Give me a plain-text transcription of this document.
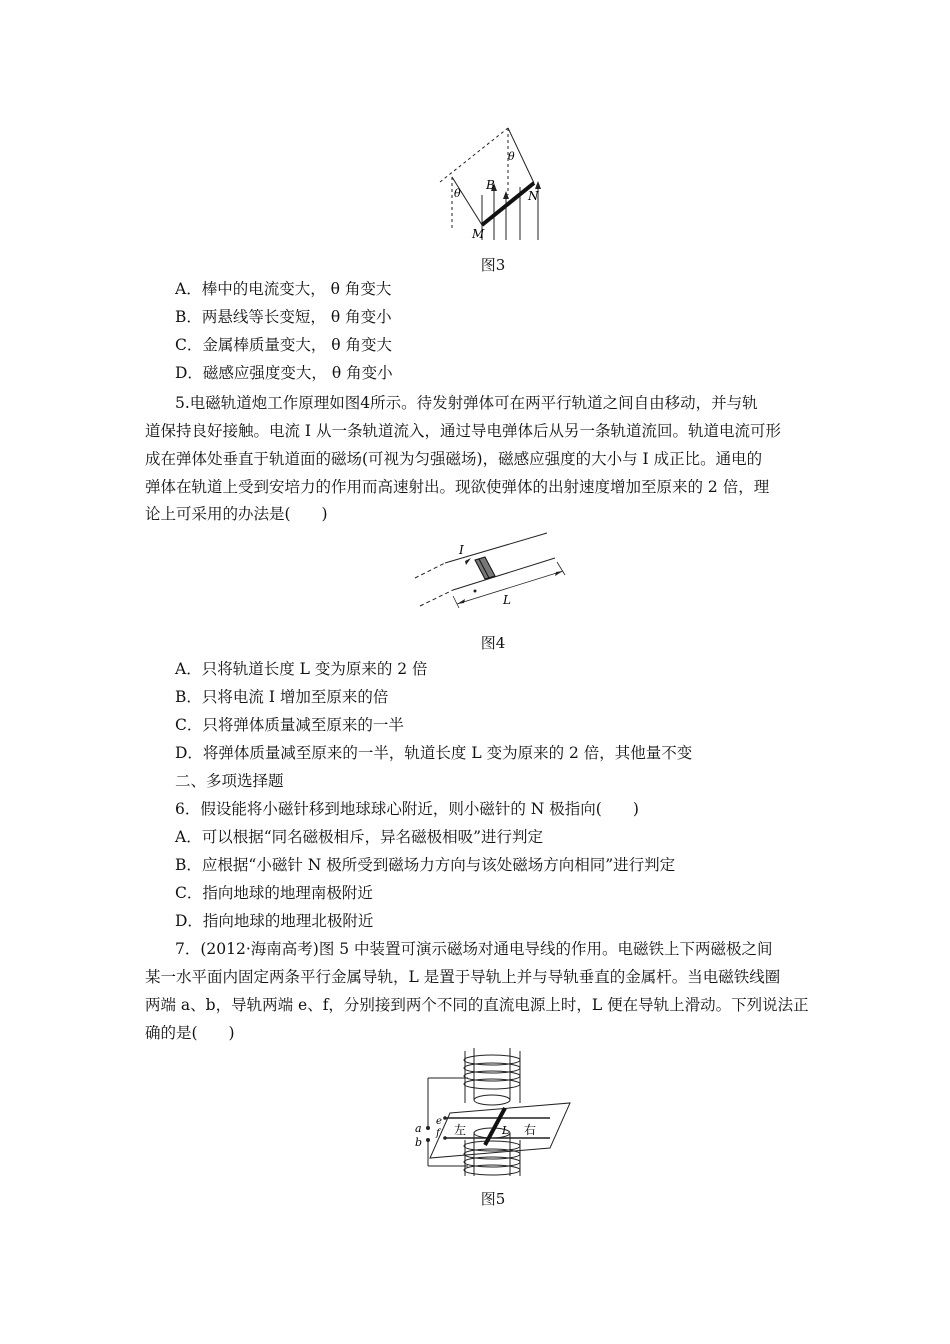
θ
θ
B
N
M
图3
A．棒中的电流变大， θ 角变大
B．两悬线等长变短， θ 角变小
C．金属棒质量变大， θ 角变大
D．磁感应强度变大， θ 角变小
5.电磁轨道炮工作原理如图4所示。待发射弹体可在两平行轨道之间自由移动，并与轨
道保持良好接触。电流 I 从一条轨道流入，通过导电弹体后从另一条轨道流回。轨道电流可形
成在弹体处垂直于轨道面的磁场(可视为匀强磁场)，磁感应强度的大小与 I 成正比。通电的
弹体在轨道上受到安培力的作用而高速射出。现欲使弹体的出射速度增加至原来的 2 倍，理
论上可采用的办法是(　　)
I
L
图4
A．只将轨道长度 L 变为原来的 2 倍
B．只将电流 I 增加至原来的倍
C．只将弹体质量减至原来的一半
D．将弹体质量减至原来的一半，轨道长度 L 变为原来的 2 倍，其他量不变
二、多项选择题
6．假设能将小磁针移到地球球心附近，则小磁针的 N 极指向(　　)
A．可以根据“同名磁极相斥，异名磁极相吸”进行判定
B．应根据“小磁针 N 极所受到磁场力方向与该处磁场方向相同”进行判定
C．指向地球的地理南极附近
D．指向地球的地理北极附近
7．(2012·海南高考)图 5 中装置可演示磁场对通电导线的作用。电磁铁上下两磁极之间
某一水平面内固定两条平行金属导轨，L 是置于导轨上并与导轨垂直的金属杆。当电磁铁线圈
两端 a、b，导轨两端 e、f，分别接到两个不同的直流电源上时，L 便在导轨上滑动。下列说法正
确的是(　　)
a
b
e
f 左	L 右
图5
